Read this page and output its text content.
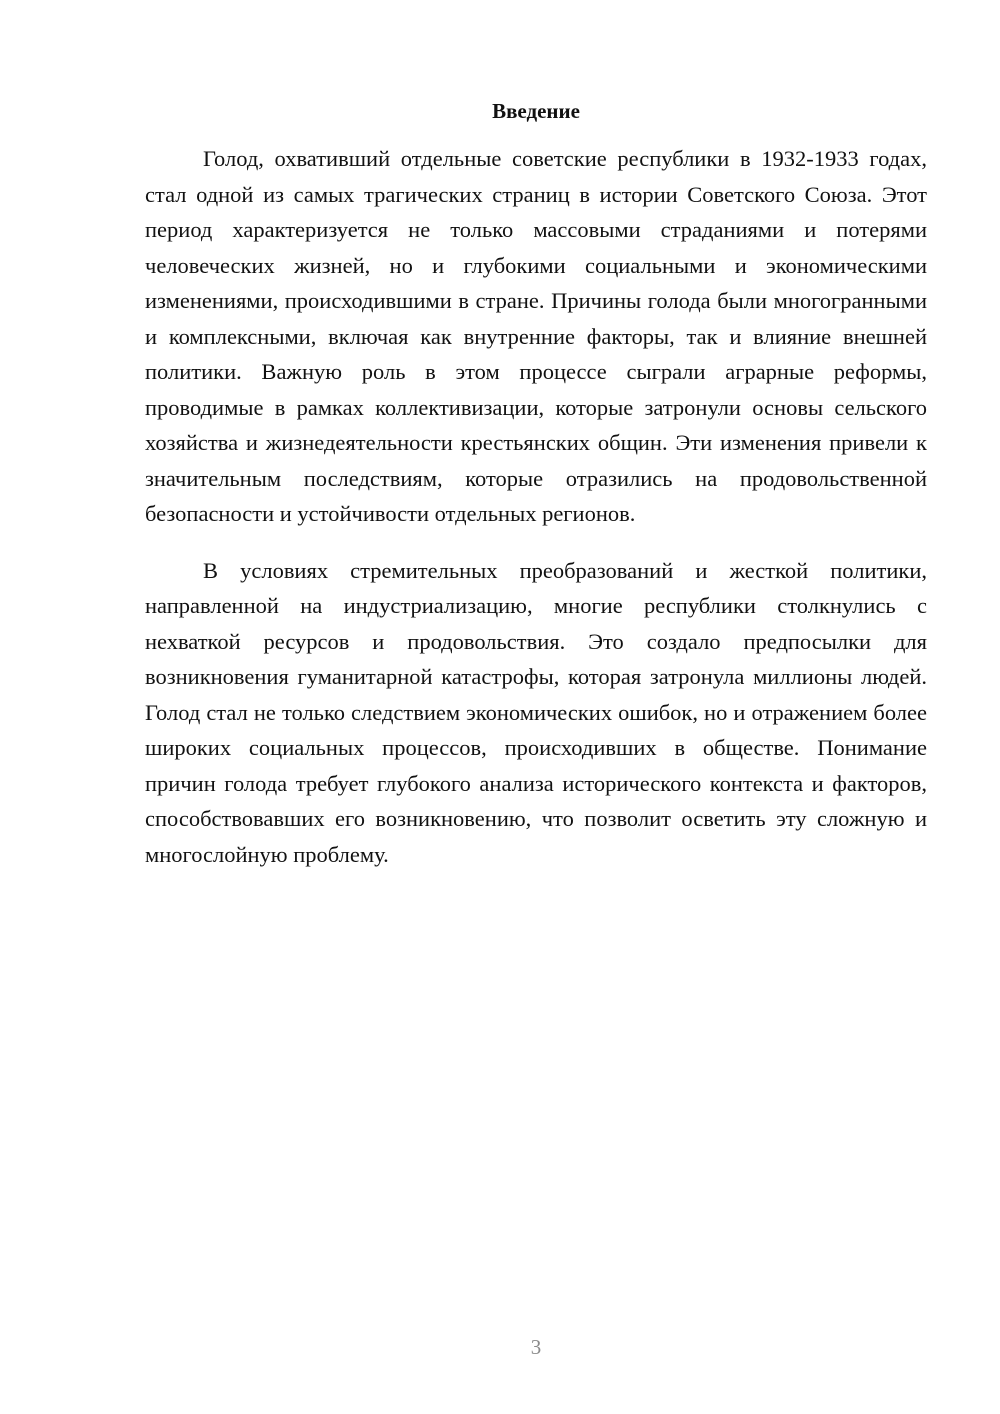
Введение

Голод, охвативший отдельные советские республики в 1932-1933 годах, стал одной из самых трагических страниц в истории Советского Союза. Этот период характеризуется не только массовыми страданиями и потерями человеческих жизней, но и глубокими социальными и экономическими изменениями, происходившими в стране. Причины голода были многогранными и комплексными, включая как внутренние факторы, так и влияние внешней политики. Важную роль в этом процессе сыграли аграрные реформы, проводимые в рамках коллективизации, которые затронули основы сельского хозяйства и жизнедеятельности крестьянских общин. Эти изменения привели к значительным последствиям, которые отразились на продовольственной безопасности и устойчивости отдельных регионов.

В условиях стремительных преобразований и жесткой политики, направленной на индустриализацию, многие республики столкнулись с нехваткой ресурсов и продовольствия. Это создало предпосылки для возникновения гуманитарной катастрофы, которая затронула миллионы людей. Голод стал не только следствием экономических ошибок, но и отражением более широких социальных процессов, происходивших в обществе. Понимание причин голода требует глубокого анализа исторического контекста и факторов, способствовавших его возникновению, что позволит осветить эту сложную и многослойную проблему.

3
